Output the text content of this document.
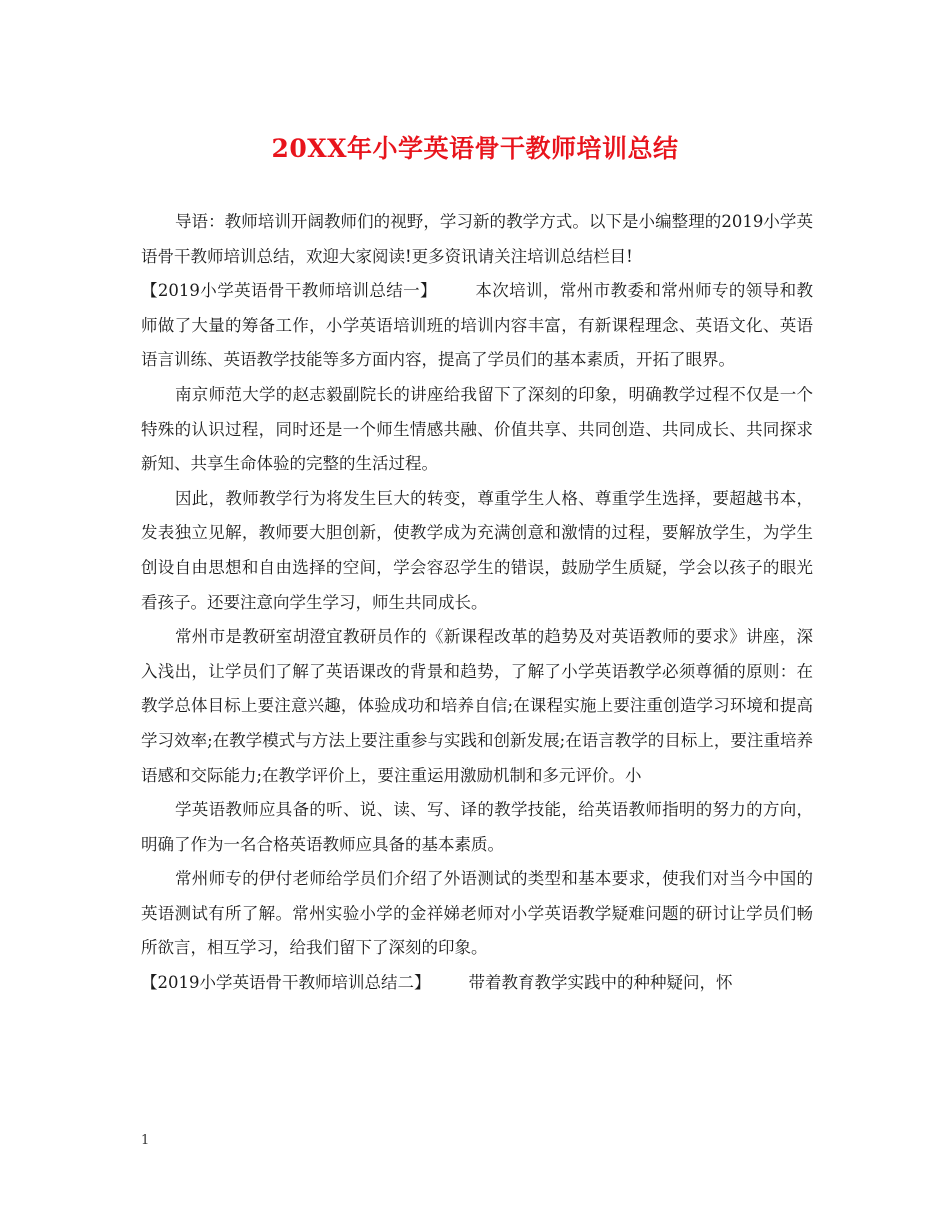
20XX年小学英语骨干教师培训总结

导语：教师培训开阔教师们的视野，学习新的教学方式。以下是小编整理的2019小学英语骨干教师培训总结，欢迎大家阅读!更多资讯请关注培训总结栏目!

【2019小学英语骨干教师培训总结一】 本次培训，常州市教委和常州师专的领导和教师做了大量的筹备工作，小学英语培训班的培训内容丰富，有新课程理念、英语文化、英语语言训练、英语教学技能等多方面内容，提高了学员们的基本素质，开拓了眼界。

南京师范大学的赵志毅副院长的讲座给我留下了深刻的印象，明确教学过程不仅是一个特殊的认识过程，同时还是一个师生情感共融、价值共享、共同创造、共同成长、共同探求新知、共享生命体验的完整的生活过程。

因此，教师教学行为将发生巨大的转变，尊重学生人格、尊重学生选择，要超越书本，发表独立见解，教师要大胆创新，使教学成为充满创意和激情的过程，要解放学生，为学生创设自由思想和自由选择的空间，学会容忍学生的错误，鼓励学生质疑，学会以孩子的眼光看孩子。还要注意向学生学习，师生共同成长。

常州市是教研室胡澄宜教研员作的《新课程改革的趋势及对英语教师的要求》讲座，深入浅出，让学员们了解了英语课改的背景和趋势，了解了小学英语教学必须尊循的原则：在教学总体目标上要注意兴趣，体验成功和培养自信;在课程实施上要注重创造学习环境和提高学习效率;在教学模式与方法上要注重参与实践和创新发展;在语言教学的目标上，要注重培养语感和交际能力;在教学评价上，要注重运用激励机制和多元评价。小

学英语教师应具备的听、说、读、写、译的教学技能，给英语教师指明的努力的方向，明确了作为一名合格英语教师应具备的基本素质。

常州师专的伊付老师给学员们介绍了外语测试的类型和基本要求，使我们对当今中国的英语测试有所了解。常州实验小学的金祥娣老师对小学英语教学疑难问题的研讨让学员们畅所欲言，相互学习，给我们留下了深刻的印象。

【2019小学英语骨干教师培训总结二】 带着教育教学实践中的种种疑问，怀

1
